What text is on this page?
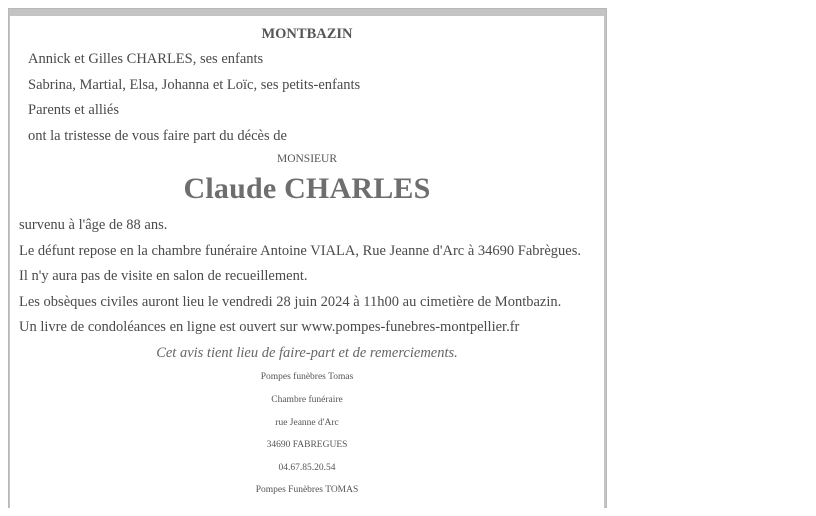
MONTBAZIN
Annick et Gilles CHARLES, ses enfants
Sabrina, Martial, Elsa, Johanna et Loïc, ses petits-enfants
Parents et alliés
ont la tristesse de vous faire part du décès de
MONSIEUR
Claude CHARLES
survenu à l'âge de 88 ans.
Le défunt repose en la chambre funéraire Antoine VIALA, Rue Jeanne d'Arc à 34690 Fabrègues.
Il n'y aura pas de visite en salon de recueillement.
Les obsèques civiles auront lieu le vendredi 28 juin 2024 à 11h00 au cimetière de Montbazin.
Un livre de condoléances en ligne est ouvert sur www.pompes-funebres-montpellier.fr
Cet avis tient lieu de faire-part et de remerciements.
Pompes funèbres Tomas
Chambre funéraire
rue Jeanne d'Arc
34690 FABREGUES
04.67.85.20.54
Pompes Funèbres TOMAS
